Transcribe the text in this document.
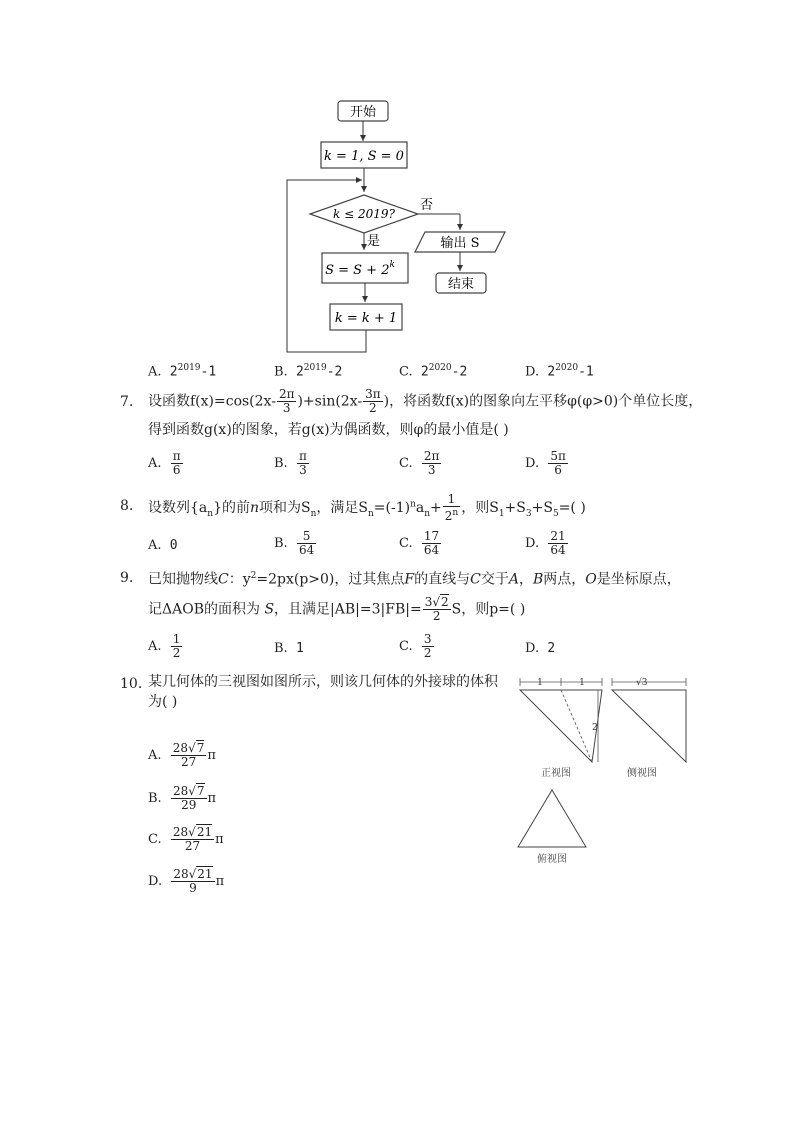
开始
k = 1, S = 0
k ≤ 2019?
否
输出 S
结束
是
$S = S + 2^k$
k = k + 1
A. $2^{2019}-1$	B. $2^{2019}-2$	C. $2^{2020}-2$	D. $2^{2020}-1$
7. 设函数$f(x)=\cos(2x- \frac{2\pi}{3} )+\sin(2x- \frac{3\pi}{2}$ )，将函数f(x)的图象向左平移φ(φ>0)个单位长度，
得到函数g(x)的图象，若g(x)为偶函数，则φ的最小值是( )
A. $\frac{\pi}{6}$	B. $\frac{\pi}{3}$	C. $\frac{2\pi}{3}$	D. $\frac{5\pi}{6}$
8. 设数列$\{a_n\}$的前n项和为$S_n$，满足$S_n=(-1)^na_n+ \frac{1}{2^n}$ ，则$S_1+S_3+S_5=$( )
A. 0	B. $\frac{5}{64}$	C. $\frac{17}{64}$	D. $\frac{21}{64}$
9. 已知抛物线C：$y^2=2px(p>0)$，过其焦点F的直线与C交于A，B两点，O是坐标原点，
记ΔAOB的面积为 S，且满足$|AB|=3|FB|= \frac{3√2}{2}$ S，则p=( )
A. $\frac{1}{2}$	B. 1	C. $\frac{3}{2}$	D. 2
10. 某几何体的三视图如图所示，则该几何体的外接球的体积
为( )
A. $\frac{28√7}{27}$ π
B. $\frac{28√7}{29}$ π
C. $\frac{28√21}{27}$ π
D. $\frac{28√21}{9}$ π
1	1
2
正视图
√3
侧视图
俯视图
